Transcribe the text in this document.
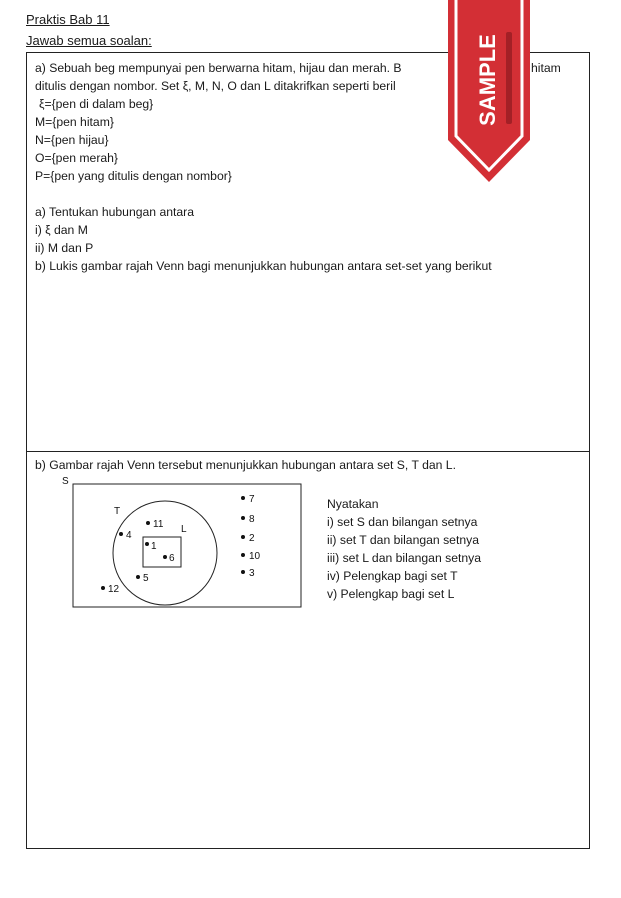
Praktis Bab 11
Jawab semua soalan:
a) Sebuah beg mempunyai pen berwarna hitam, hijau dan merah. B	hitam
ditulis dengan nombor. Set ξ, M, N, O dan L ditakrifkan seperti beril
ξ={pen di dalam beg}
M={pen hitam}
N={pen hijau}
O={pen merah}
P={pen yang ditulis dengan nombor}
a) Tentukan hubungan antara
i) ξ dan M
ii) M dan P
b) Lukis gambar rajah Venn bagi menunjukkan hubungan antara set-set yang berikut
b) Gambar rajah Venn tersebut menunjukkan hubungan antara set S, T dan L.
S
T
L
7
8
2
10
3
11
4
1
6
5
12
Nyatakan
i) set S dan bilangan setnya
ii) set T dan bilangan setnya
iii) set L dan bilangan setnya
iv) Pelengkap bagi set T
v) Pelengkap bagi set L
SAMPLE
